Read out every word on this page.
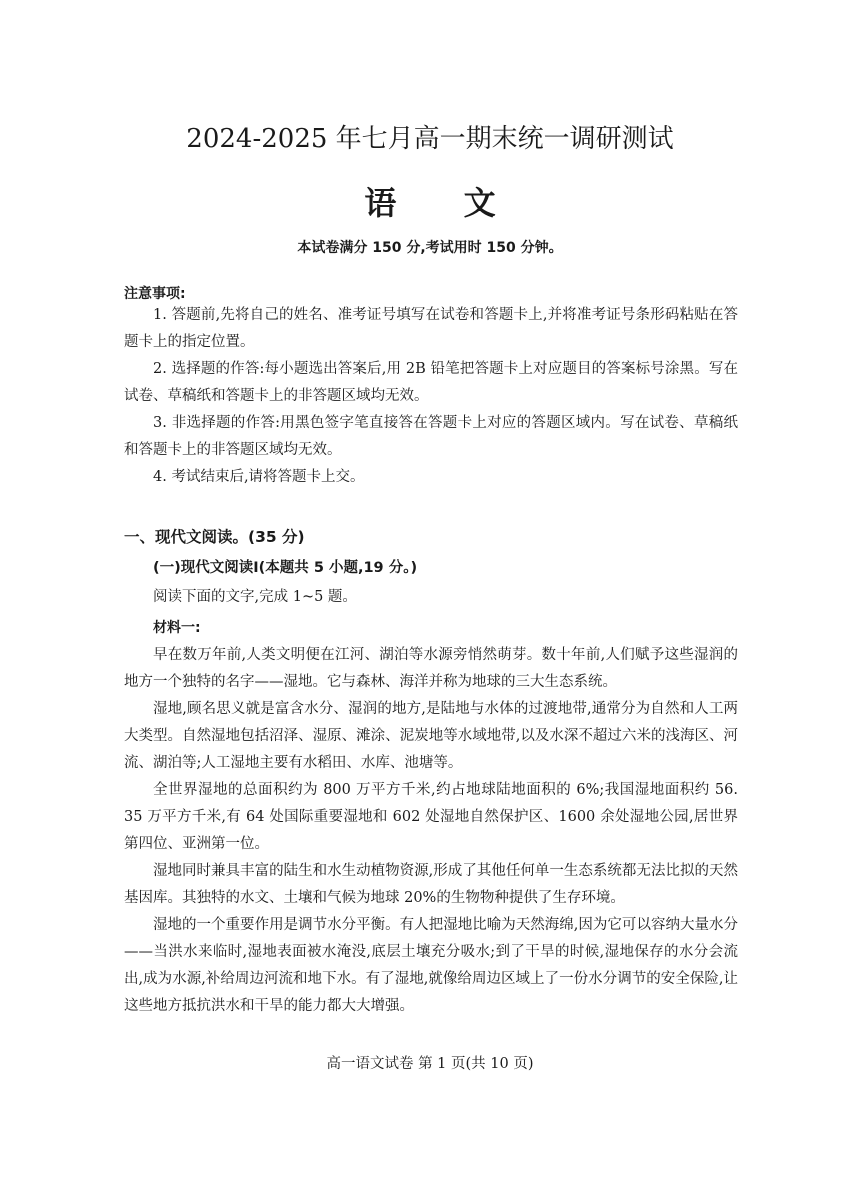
2024-2025 年七月高一期末统一调研测试
语 文
本试卷满分 150 分,考试用时 150 分钟。
注意事项:

1. 答题前,先将自己的姓名、准考证号填写在试卷和答题卡上,并将准考证号条形码粘贴在答题卡上的指定位置。

2. 选择题的作答:每小题选出答案后,用 2B 铅笔把答题卡上对应题目的答案标号涂黑。写在试卷、草稿纸和答题卡上的非答题区域均无效。

3. 非选择题的作答:用黑色签字笔直接答在答题卡上对应的答题区域内。写在试卷、草稿纸和答题卡上的非答题区域均无效。

4. 考试结束后,请将答题卡上交。

一、现代文阅读。(35 分)
(一)现代文阅读Ⅰ(本题共 5 小题,19 分。)
阅读下面的文字,完成 1~5 题。
材料一:

早在数万年前,人类文明便在江河、湖泊等水源旁悄然萌芽。数十年前,人们赋予这些湿润的地方一个独特的名字——湿地。它与森林、海洋并称为地球的三大生态系统。

湿地,顾名思义就是富含水分、湿润的地方,是陆地与水体的过渡地带,通常分为自然和人工两大类型。自然湿地包括沼泽、湿原、滩涂、泥炭地等水域地带,以及水深不超过六米的浅海区、河流、湖泊等;人工湿地主要有水稻田、水库、池塘等。

全世界湿地的总面积约为 800 万平方千米,约占地球陆地面积的 6%;我国湿地面积约 56. 35 万平方千米,有 64 处国际重要湿地和 602 处湿地自然保护区、1600 余处湿地公园,居世界第四位、亚洲第一位。

湿地同时兼具丰富的陆生和水生动植物资源,形成了其他任何单一生态系统都无法比拟的天然基因库。其独特的水文、土壤和气候为地球 20%的生物物种提供了生存环境。

湿地的一个重要作用是调节水分平衡。有人把湿地比喻为天然海绵,因为它可以容纳大量水分——当洪水来临时,湿地表面被水淹没,底层土壤充分吸水;到了干旱的时候,湿地保存的水分会流出,成为水源,补给周边河流和地下水。有了湿地,就像给周边区域上了一份水分调节的安全保险,让这些地方抵抗洪水和干旱的能力都大大增强。

高一语文试卷 第 1 页(共 10 页)
